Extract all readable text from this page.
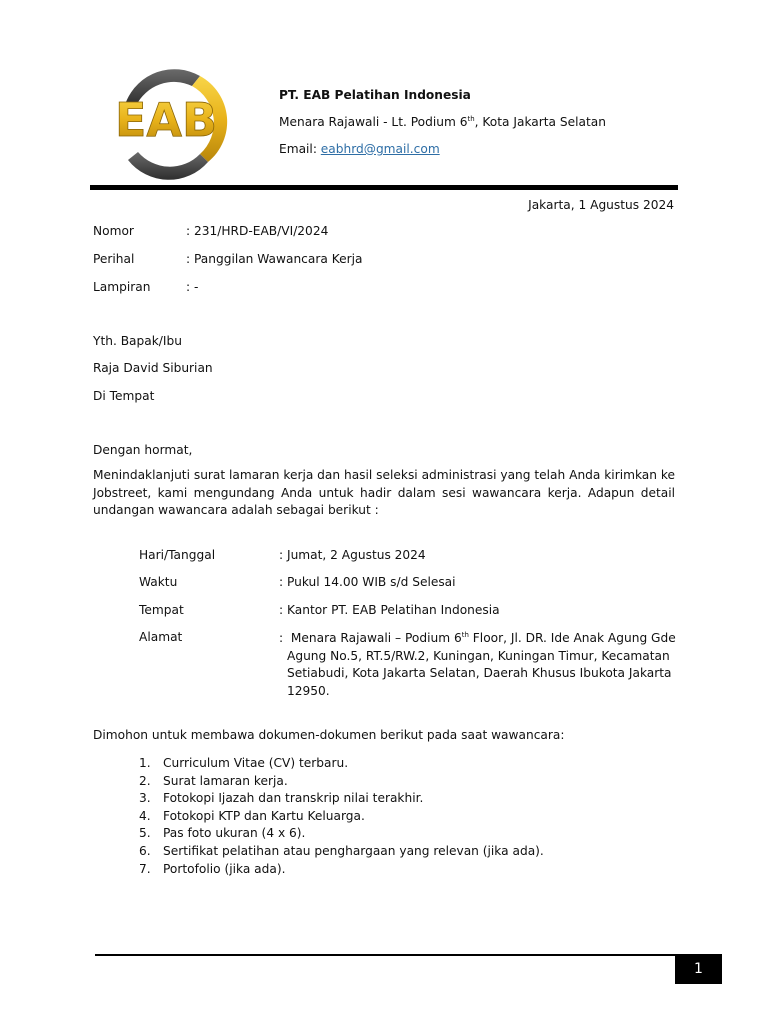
EAB	PT. EAB Pelatihan Indonesia
Menara Rajawali - Lt. Podium 6th, Kota Jakarta Selatan
Email: eabhrd@gmail.com
Jakarta, 1 Agustus 2024
Nomor	: 231/HRD-EAB/VI/2024
Perihal	: Panggilan Wawancara Kerja
Lampiran	: -
Yth. Bapak/Ibu
Raja David Siburian
Di Tempat
Dengan hormat,
Menindaklanjuti surat lamaran kerja dan hasil seleksi administrasi yang telah Anda kirimkan ke Jobstreet, kami mengundang Anda untuk hadir dalam sesi wawancara kerja. Adapun detail undangan wawancara adalah sebagai berikut :
Hari/Tanggal	: Jumat, 2 Agustus 2024
Waktu	: Pukul 14.00 WIB s/d Selesai
Tempat	: Kantor PT. EAB Pelatihan Indonesia
Alamat	: Menara Rajawali – Podium 6th Floor, Jl. DR. Ide Anak Agung Gde
Agung No.5, RT.5/RW.2, Kuningan, Kuningan Timur, Kecamatan Setiabudi, Kota Jakarta Selatan, Daerah Khusus Ibukota Jakarta 12950.
Dimohon untuk membawa dokumen-dokumen berikut pada saat wawancara:
1.	Curriculum Vitae (CV) terbaru.
2.	Surat lamaran kerja.
3.	Fotokopi Ijazah dan transkrip nilai terakhir.
4.	Fotokopi KTP dan Kartu Keluarga.
5.	Pas foto ukuran (4 x 6).
6.	Sertifikat pelatihan atau penghargaan yang relevan (jika ada).
7.	Portofolio (jika ada).
1
